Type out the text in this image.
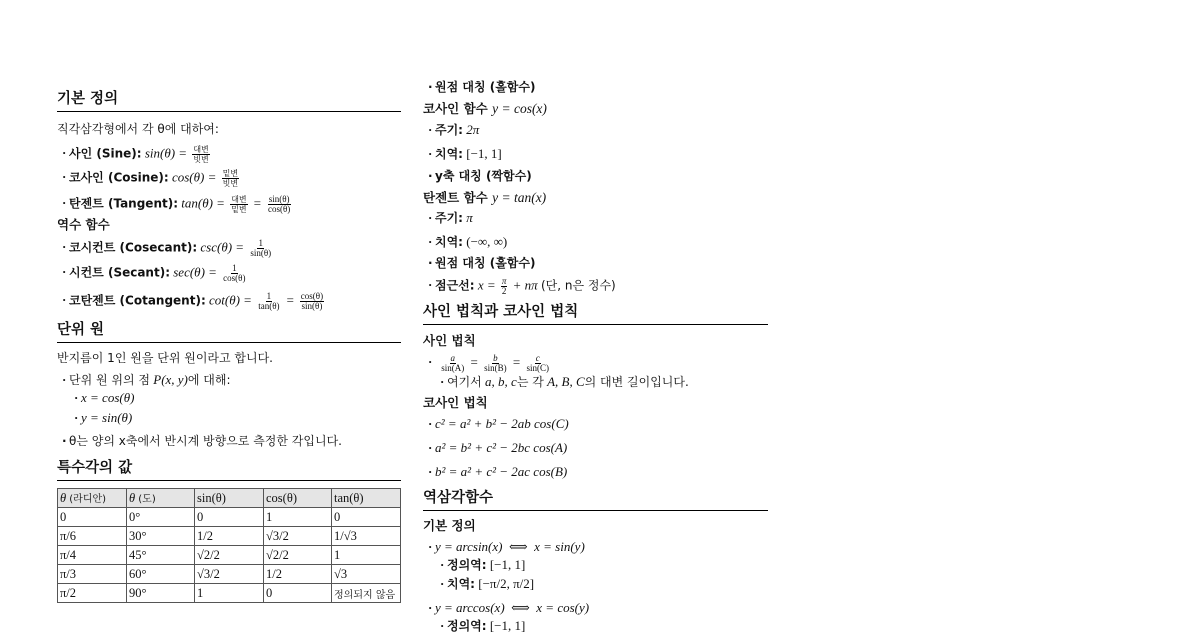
기본 정의
직각삼각형에서 각 θ에 대하여:
· 사인 (Sine): $\sin(\theta) = \frac{\text{대변}}{\text{빗변}}$
· 코사인 (Cosine): $\cos(\theta) = \frac{\text{밑변}}{\text{빗변}}$
· 탄젠트 (Tangent): $\tan(\theta) = \frac{\text{대변}}{\text{밑변}} = \frac{\sin(\theta)}{\cos(\theta)}$
역수 함수
· 코시컨트 (Cosecant): $\csc(\theta) = \frac{1}{\sin(\theta)}$
· 시컨트 (Secant): $\sec(\theta) = \frac{1}{\cos(\theta)}$
· 코탄젠트 (Cotangent): $\cot(\theta) = \frac{1}{\tan(\theta)} = \frac{\cos(\theta)}{\sin(\theta)}$
단위 원
반지름이 1인 원을 단위 원이라고 합니다.
· 단위 원 위의 점 P(x, y)에 대해:
· x = cos(θ)
· y = sin(θ)
· θ는 양의 x축에서 반시계 방향으로 측정한 각입니다.
특수각의 값
θ (라디안)	θ (도)	sin(θ)	cos(θ)	tan(θ)
0	0°	0	1	0
π/6	30°	1/2	√3/2	1/√3
π/4	45°	√2/2	√2/2	1
π/3	60°	√3/2	1/2	√3
π/2	90°	1	0	정의되지 않음
· 원점 대칭 (홀함수)
코사인 함수 y = cos(x)
· 주기: 2π
· 치역: [−1, 1]
· y축 대칭 (짝함수)
탄젠트 함수 y = tan(x)
· 주기: π
· 치역: (−∞, ∞)
· 원점 대칭 (홀함수)
· 점근선: $x = \frac{\pi}{2} + n\pi$ (단, n은 정수)
사인 법칙과 코사인 법칙
사인 법칙
· $\frac{a}{\sin(A)} = \frac{b}{\sin(B)} = \frac{c}{\sin(C)}$
· 여기서 a, b, c는 각 A, B, C의 대변 길이입니다.
코사인 법칙
· c² = a² + b² − 2ab cos(C)
· a² = b² + c² − 2bc cos(A)
· b² = a² + c² − 2ac cos(B)
역삼각함수
기본 정의
· y = arcsin(x)  ⟺  x = sin(y)
· 정의역: [−1, 1]
· 치역: [−π/2, π/2]
· y = arccos(x)  ⟺  x = cos(y)
· 정의역: [−1, 1]
